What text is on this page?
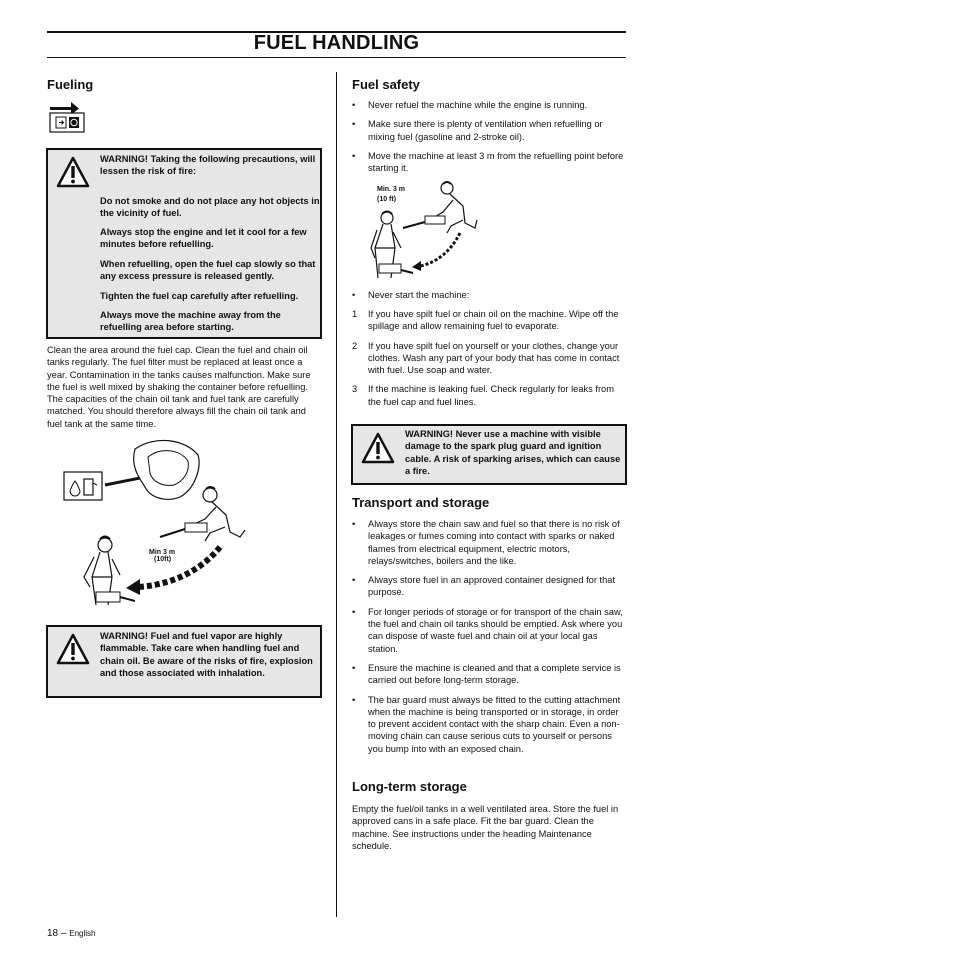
FUEL HANDLING
Fueling
WARNING! Taking the following precautions, will lessen the risk of fire:
Do not smoke and do not place any hot objects in the vicinity of fuel.
Always stop the engine and let it cool for a few minutes before refuelling.
When refuelling, open the fuel cap slowly so that any excess pressure is released gently.
Tighten the fuel cap carefully after refuelling.
Always move the machine away from the refuelling area before starting.
Clean the area around the fuel cap. Clean the fuel and chain oil tanks regularly. The fuel filter must be replaced at least once a year. Contamination in the tanks causes malfunction. Make sure the fuel is well mixed by shaking the container before refuelling. The capacities of the chain oil tank and fuel tank are carefully matched. You should therefore always fill the chain oil tank and fuel tank at the same time.
Min 3 m
(10ft)
WARNING! Fuel and fuel vapor are highly flammable. Take care when handling fuel and chain oil. Be aware of the risks of fire, explosion and those associated with inhalation.
Fuel safety
• Never refuel the machine while the engine is running.
• Make sure there is plenty of ventilation when refuelling or mixing fuel (gasoline and 2-stroke oil).
• Move the machine at least 3 m from the refuelling point before starting it.
Min. 3 m
(10 ft)
• Never start the machine:
1 If you have spilt fuel or chain oil on the machine. Wipe off the spillage and allow remaining fuel to evaporate.
2 If you have spilt fuel on yourself or your clothes, change your clothes. Wash any part of your body that has come in contact with fuel. Use soap and water.
3 If the machine is leaking fuel. Check regularly for leaks from the fuel cap and fuel lines.
WARNING! Never use a machine with visible damage to the spark plug guard and ignition cable. A risk of sparking arises, which can cause a fire.
Transport and storage
• Always store the chain saw and fuel so that there is no risk of leakages or fumes coming into contact with sparks or naked flames from electrical equipment, electric motors, relays/switches, boilers and the like.
• Always store fuel in an approved container designed for that purpose.
• For longer periods of storage or for transport of the chain saw, the fuel and chain oil tanks should be emptied. Ask where you can dispose of waste fuel and chain oil at your local gas station.
• Ensure the machine is cleaned and that a complete service is carried out before long-term storage.
• The bar guard must always be fitted to the cutting attachment when the machine is being transported or in storage, in order to prevent accident contact with the sharp chain. Even a non-moving chain can cause serious cuts to yourself or persons you bump into with an exposed chain.
Long-term storage
Empty the fuel/oil tanks in a well ventilated area. Store the fuel in approved cans in a safe place. Fit the bar guard. Clean the machine. See instructions under the heading Maintenance schedule.
18 – English
